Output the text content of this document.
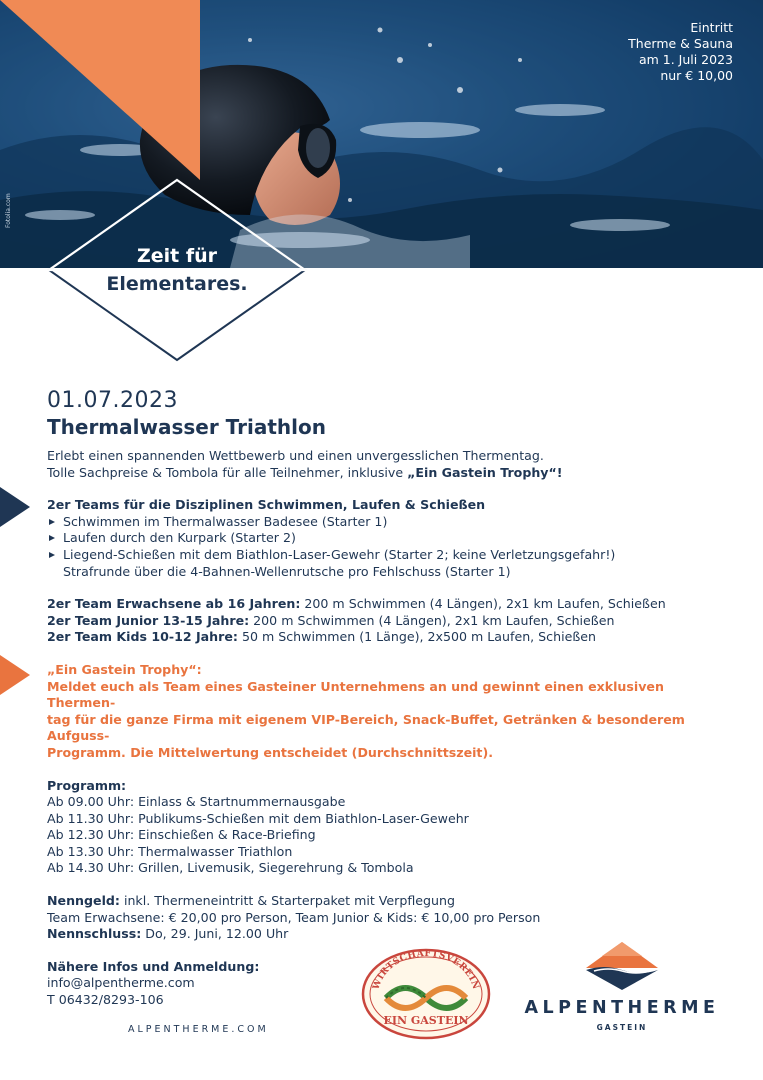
Fotolia.com
Eintritt
Therme & Sauna
am 1. Juli 2023
nur € 10,00
Zeit für
Elementares.
01.07.2023
Thermalwasser Triathlon

Erlebt einen spannenden Wettbewerb und einen unvergesslichen Thermentag.

Tolle Sachpreise & Tombola für alle Teilnehmer, inklusive „Ein Gastein Trophy“!

2er Teams für die Disziplinen Schwimmen, Laufen & Schießen

Schwimmen im Thermalwasser Badesee (Starter 1)
Laufen durch den Kurpark (Starter 2)
Liegend-Schießen mit dem Biathlon-Laser-Gewehr (Starter 2; keine Verletzungsgefahr!)
Strafrunde über die 4-Bahnen-Wellenrutsche pro Fehlschuss (Starter 1)

2er Team Erwachsene ab 16 Jahren: 200 m Schwimmen (4 Längen), 2x1 km Laufen, Schießen

2er Team Junior 13-15 Jahre: 200 m Schwimmen (4 Längen), 2x1 km Laufen, Schießen

2er Team Kids 10-12 Jahre: 50 m Schwimmen (1 Länge), 2x500 m Laufen, Schießen

„Ein Gastein Trophy“:

Meldet euch als Team eines Gasteiner Unternehmens an und gewinnt einen exklusiven Thermen-

tag für die ganze Firma mit eigenem VIP-Bereich, Snack-Buffet, Getränken & besonderem Aufguss-

Programm. Die Mittelwertung entscheidet (Durchschnittszeit).

Programm:

Ab 09.00 Uhr: Einlass & Startnummernausgabe

Ab 11.30 Uhr: Publikums-Schießen mit dem Biathlon-Laser-Gewehr

Ab 12.30 Uhr: Einschießen & Race-Briefing

Ab 13.30 Uhr: Thermalwasser Triathlon

Ab 14.30 Uhr: Grillen, Livemusik, Siegerehrung & Tombola

Nenngeld: inkl. Thermeneintritt & Starterpaket mit Verpflegung

Team Erwachsene: € 20,00 pro Person, Team Junior & Kids: € 10,00 pro Person

Nennschluss: Do, 29. Juni, 12.00 Uhr

Nähere Infos und Anmeldung:

info@alpentherme.com

T 06432/8293-106

ALPENTHERME.COM
WIRTSCHAFTSVEREIN
EIN GASTEIN
ALPENTHERME
GASTEIN
